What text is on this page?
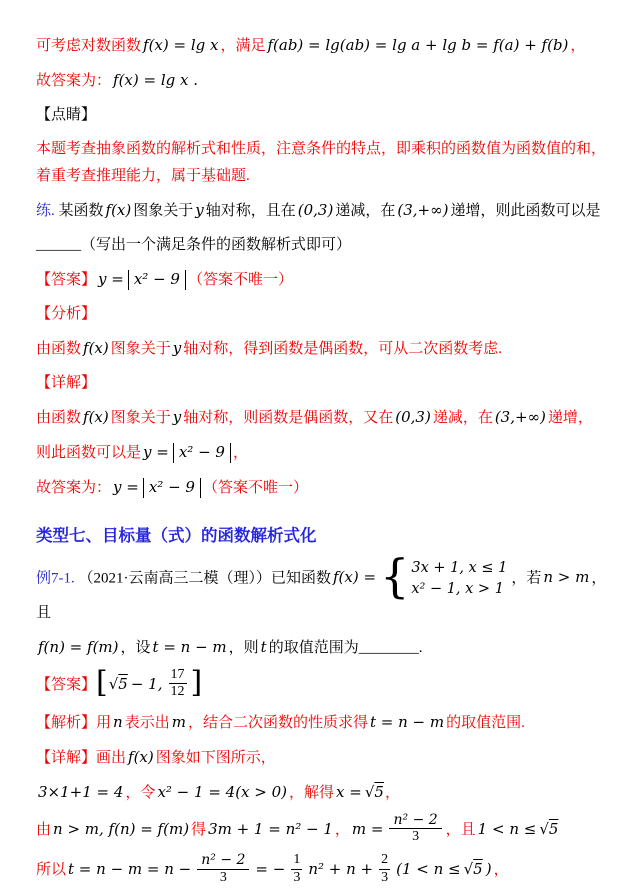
可考虑对数函数 f(x) = lg x ，满足 f(ab) = lg(ab) = lg a + lg b = f(a) + f(b) ，

故答案为： f(x) = lg x .

【点睛】

本题考查抽象函数的解析式和性质，注意条件的特点，即乘积的函数值为函数值的和，着重考查推理能力，属于基础题.

练. 某函数 f(x) 图象关于 y 轴对称，且在 (0,3) 递减，在 (3,+∞) 递增，则此函数可以是

______（写出一个满足条件的函数解析式即可）

【答案】 y = x² − 9 （答案不唯一）

【分析】

由函数 f(x) 图象关于 y 轴对称，得到函数是偶函数，可从二次函数考虑.

【详解】

由函数 f(x) 图象关于 y 轴对称，则函数是偶函数，又在 (0,3) 递减，在 (3,+∞) 递增，

则此函数可以是 y = x² − 9 ，

故答案为： y = x² − 9 （答案不唯一）

类型七、目标量（式）的函数解析式化

例7-1. （2021·云南高三二模（理））已知函数 f(x) = { 3x + 1, x ≤ 1
x² − 1, x > 1
，若 n > m ，且

f(n) = f(m) ，设 t = n − m ，则 t 的取值范围为________.

【答案】[√5 − 1, $\frac{17}{12}$ ]

【解析】用 n 表示出 m ，结合二次函数的性质求得 t = n − m 的取值范围.

【详解】画出 f(x) 图象如下图所示，

3×1+1 = 4 ，令 x² − 1 = 4(x > 0) ，解得 x = √5，

由 n > m, f(n) = f(m) 得 3m + 1 = n² − 1 ， $m = \frac{\text{n² − 2}}{3}$ ，且 1 < n ≤ √5

所以 $t = n - m = n - \frac{\text{n² − 2}}{3}$ = − $\frac{1}{3} n^2 + n + \frac{2}{3} (1 < n \le √5$ ) ，
